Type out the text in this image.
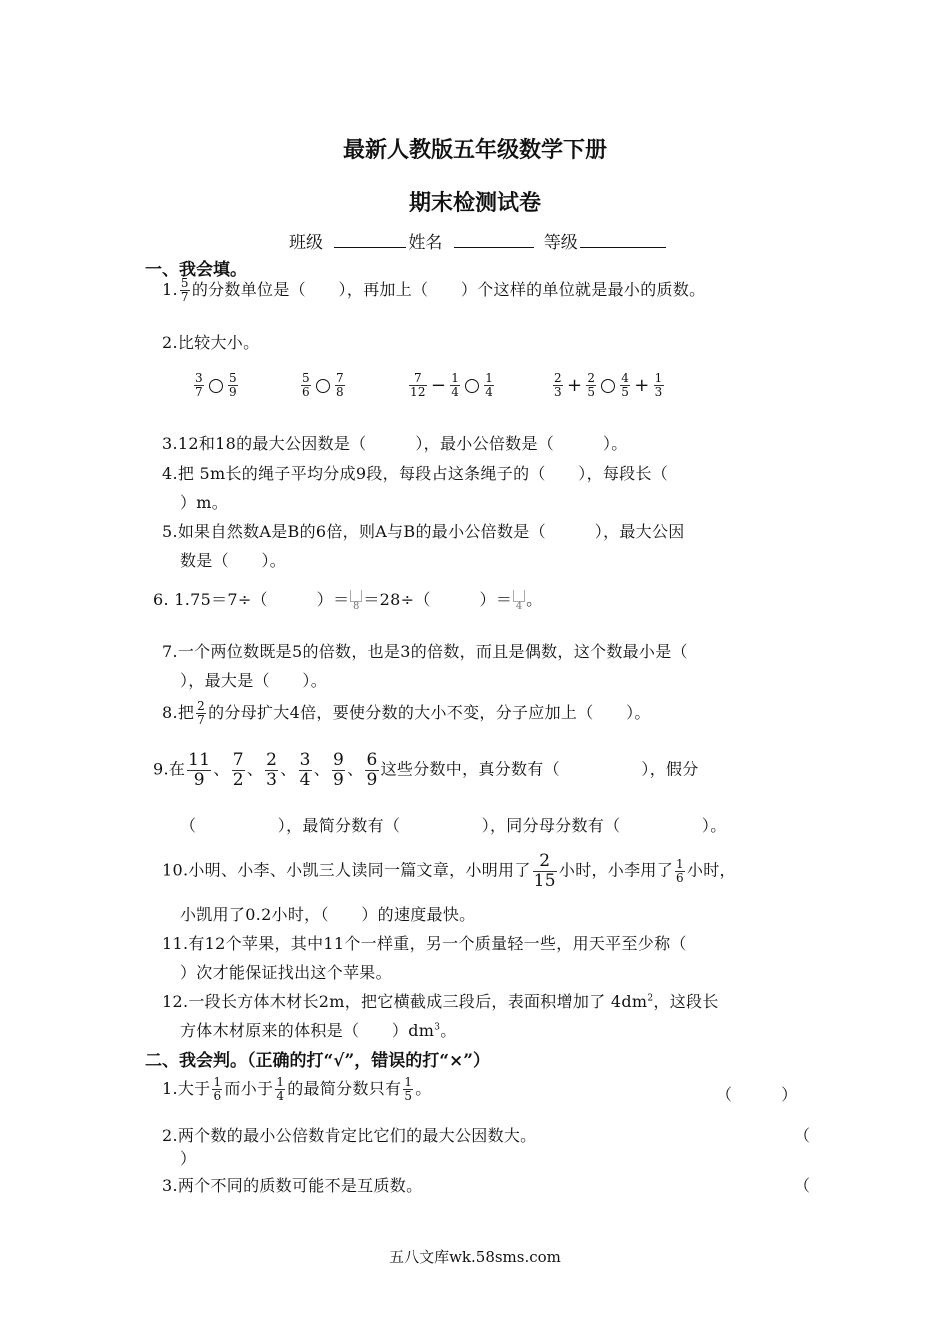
最新人教版五年级数学下册
期末检测试卷
班级	姓名	等级
一、我会填。
1. $\frac{5}{7}$ 的分数单位是（　　），再加上（　　）个这样的单位就是最小的质数。
2.比较大小。
$\frac{3}{7} \frac{5}{9}$	$\frac{5}{6} \frac{7}{8}$	$\frac{7}{12} - \frac{1}{4} \frac{1}{4}$	$\frac{2}{3} + \frac{2}{5} \frac{4}{5} + \frac{1}{3}$
3.12和18的最大公因数是（　　　），最小公倍数是（　　　）。
4.把 5m长的绳子平均分成9段，每段占这条绳子的（　　），每段长（
）m。
5.如果自然数A是B的6倍，则A与B的最小公倍数是（　　　），最大公因
数是（　　）。
6. 1.75＝7÷（　　　）＝ 8 ＝28÷（　　　）＝ 4 。
7.一个两位数既是5的倍数，也是3的倍数，而且是偶数，这个数最小是（
），最大是（　　）。
8.把 $\frac{2}{7}$ 的分母扩大4倍，要使分数的大小不变，分子应加上（　　）。
9.在 $\frac{11}{9}$ 、 $\frac{7}{2}$ 、 $\frac{2}{3}$ 、 $\frac{3}{4}$ 、 $\frac{9}{9}$ 、 $\frac{6}{9}$ 这些分数中，真分数有（　　　　　），假分
（　　　　　），最简分数有（　　　　　），同分母分数有（　　　　　）。
10.小明、小李、小凯三人读同一篇文章，小明用了 $\frac{2}{15}$ 小时，小李用了 $\frac{1}{6}$ 小时，
小凯用了0.2小时，（　　）的速度最快。
11.有12个苹果，其中11个一样重，另一个质量轻一些，用天平至少称（
）次才能保证找出这个苹果。
12.一段长方体木材长2m，把它横截成三段后，表面积增加了 $4dm^2$，这段长
方体木材原来的体积是（　　）$dm^3$。
二、我会判。（正确的打“√”，错误的打“×”）
1.大于 $\frac{1}{6}$ 而小于 $\frac{1}{4}$ 的最简分数只有 $\frac{1}{5}$ 。	（　　　）
2.两个数的最小公倍数肯定比它们的最大公因数大。	（
）
3.两个不同的质数可能不是互质数。	（
五八文库wk.58sms.com
